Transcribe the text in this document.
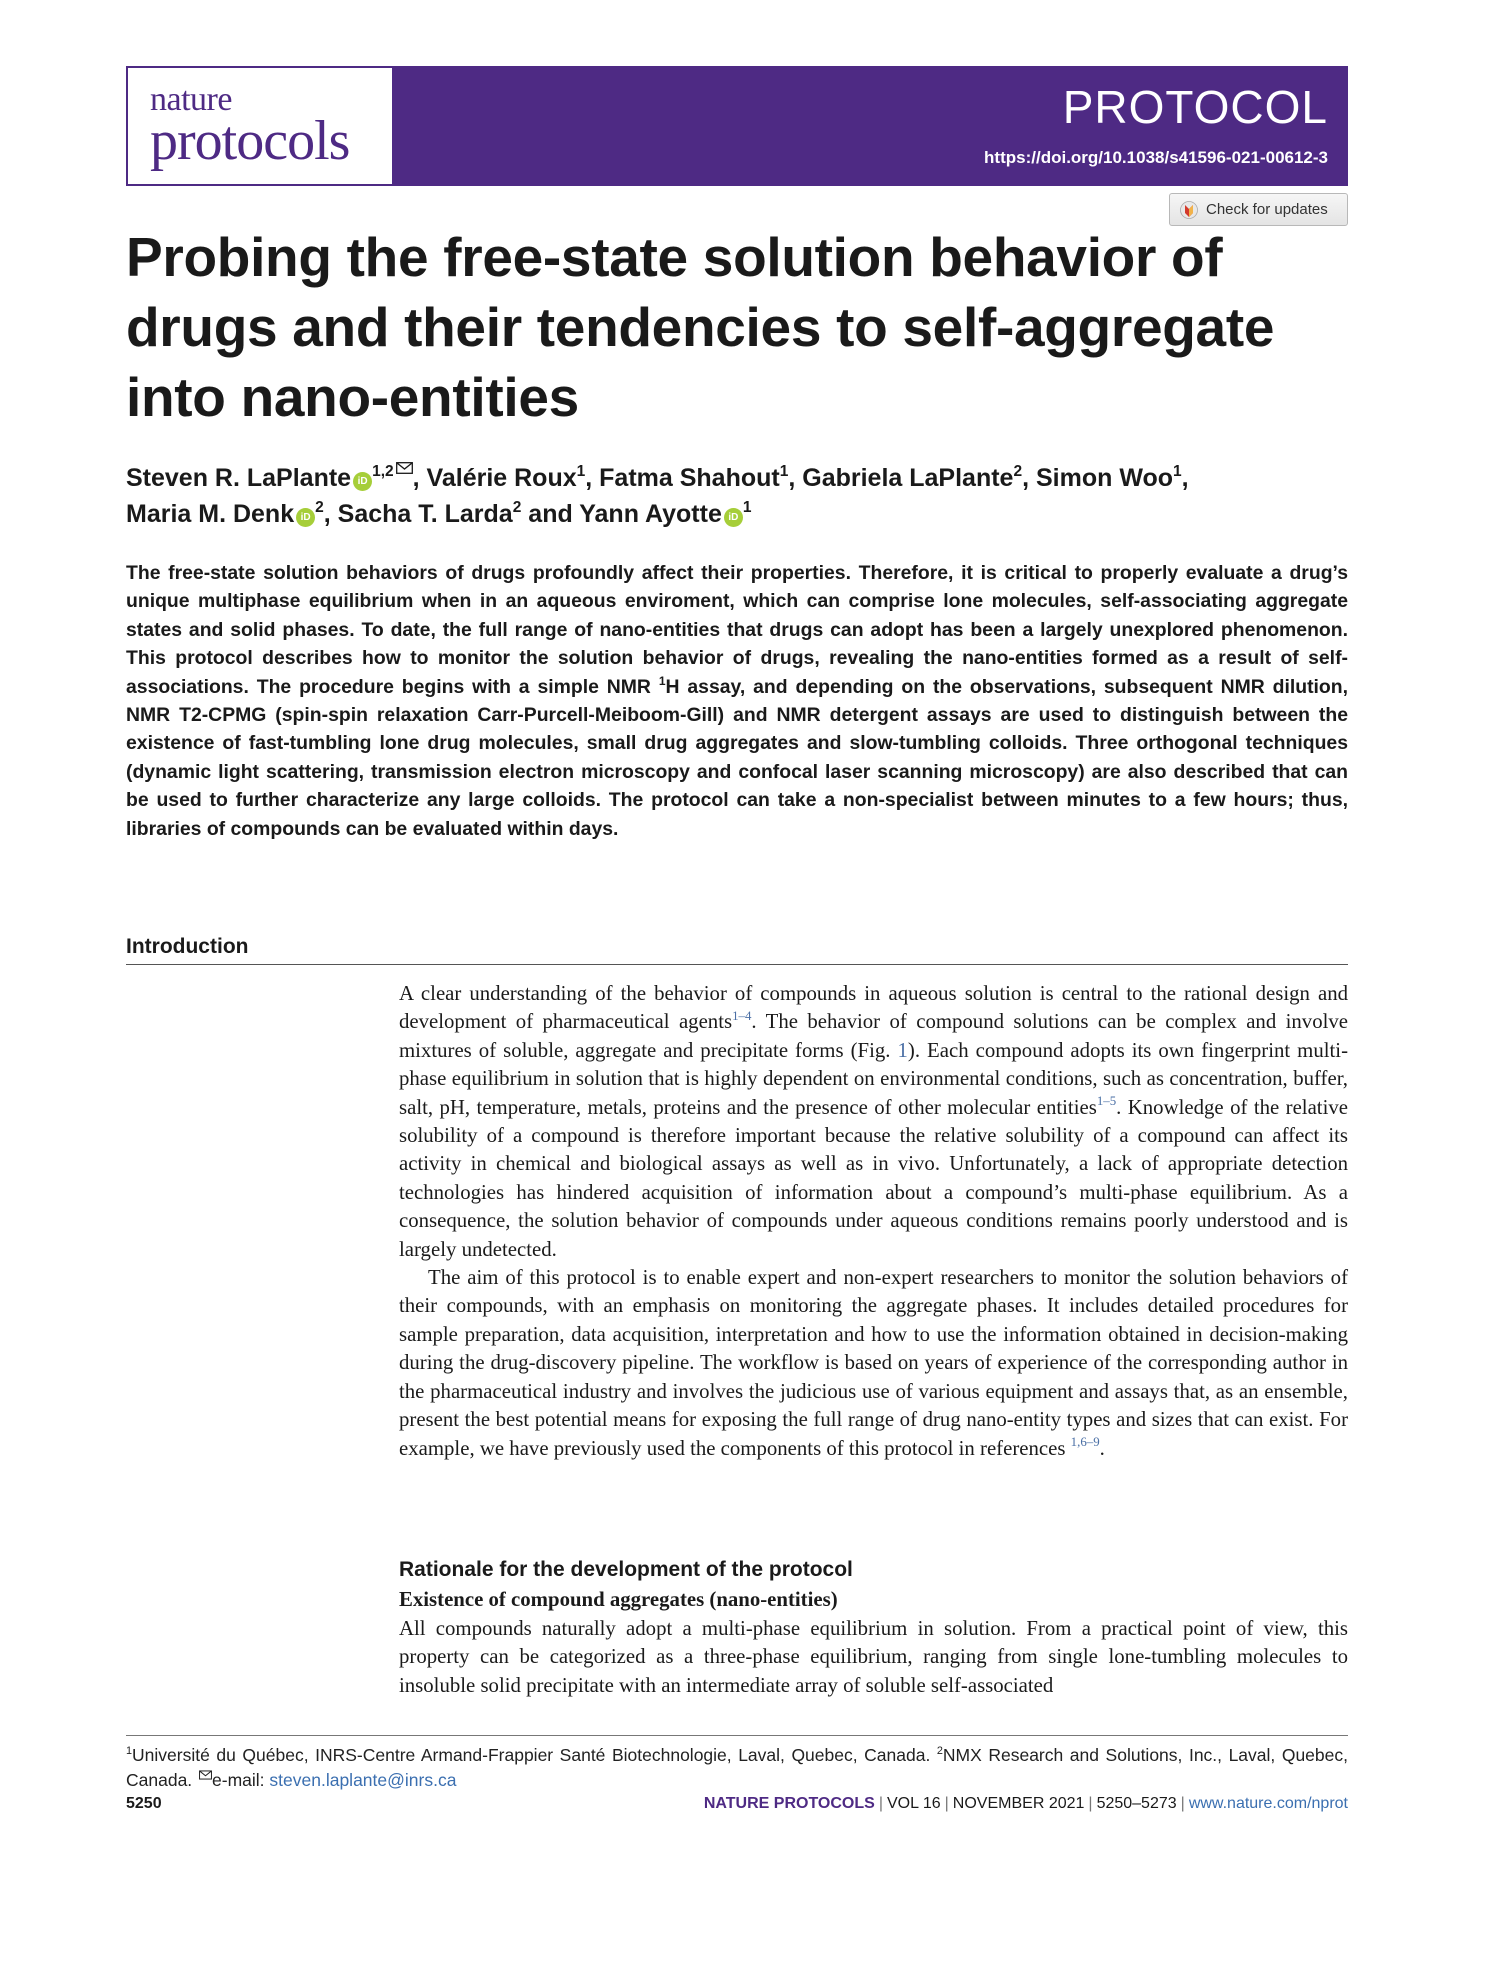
nature
protocols
PROTOCOL
https://doi.org/10.1038/s41596-021-00612-3
Check for updates
Probing the free-state solution behavior of drugs and their tendencies to self-aggregate into nano-entities
Steven R. LaPlante iD$^{1,2}$ , Valérie Roux$^1$, Fatma Shahout$^1$, Gabriela LaPlante$^2$, Simon Woo$^1$,
Maria M. Denk $iD^2$, Sacha T. Larda$^2$ and Yann Ayotte $iD^1$
The free-state solution behaviors of drugs profoundly affect their properties. Therefore, it is critical to properly evaluate a drug’s unique multiphase equilibrium when in an aqueous enviroment, which can comprise lone molecules, self-associating aggregate states and solid phases. To date, the full range of nano-entities that drugs can adopt has been a largely unexplored phenomenon. This protocol describes how to monitor the solution behavior of drugs, revealing the nano-entities formed as a result of self-associations. The procedure begins with a simple NMR $^1$H assay, and depending on the observations, subsequent NMR dilution, NMR T2-CPMG (spin-spin relaxation Carr-Purcell-Meiboom-Gill) and NMR detergent assays are used to distinguish between the existence of fast-tumbling lone drug molecules, small drug aggregates and slow-tumbling colloids. Three orthogonal techniques (dynamic light scattering, transmission electron microscopy and confocal laser scanning microscopy) are also described that can be used to further characterize any large colloids. The protocol can take a non-specialist between minutes to a few hours; thus, libraries of compounds can be evaluated within days.
Introduction

A clear understanding of the behavior of compounds in aqueous solution is central to the rational design and development of pharmaceutical agents$^{1-4}$. The behavior of compound solutions can be complex and involve mixtures of soluble, aggregate and precipitate forms (Fig. 1). Each compound adopts its own fingerprint multi-phase equilibrium in solution that is highly dependent on environmental conditions, such as concentration, buffer, salt, pH, temperature, metals, proteins and the presence of other molecular entities$^{1-5}$. Knowledge of the relative solubility of a compound is therefore important because the relative solubility of a compound can affect its activity in chemical and biological assays as well as in vivo. Unfortunately, a lack of appropriate detection technologies has hindered acquisition of information about a compound’s multi-phase equilibrium. As a consequence, the solution behavior of compounds under aqueous conditions remains poorly understood and is largely undetected.

The aim of this protocol is to enable expert and non-expert researchers to monitor the solution behaviors of their compounds, with an emphasis on monitoring the aggregate phases. It includes detailed procedures for sample preparation, data acquisition, interpretation and how to use the information obtained in decision-making during the drug-discovery pipeline. The workflow is based on years of experience of the corresponding author in the pharmaceutical industry and involves the judicious use of various equipment and assays that, as an ensemble, present the best potential means for exposing the full range of drug nano-entity types and sizes that can exist. For example, we have previously used the components of this protocol in references $^{1,6-9}$.

Rationale for the development of the protocol
Existence of compound aggregates (nano-entities)

All compounds naturally adopt a multi-phase equilibrium in solution. From a practical point of view, this property can be categorized as a three-phase equilibrium, ranging from single lone-tumbling molecules to insoluble solid precipitate with an intermediate array of soluble self-associated

$^1$Université du Québec, INRS-Centre Armand-Frappier Santé Biotechnologie, Laval, Quebec, Canada. $^2$NMX Research and Solutions, Inc., Laval, Quebec, Canada. e-mail: steven.laplante@inrs.ca
5250	NATURE PROTOCOLS | VOL 16 | NOVEMBER 2021 | 5250–5273 | www.nature.com/nprot
